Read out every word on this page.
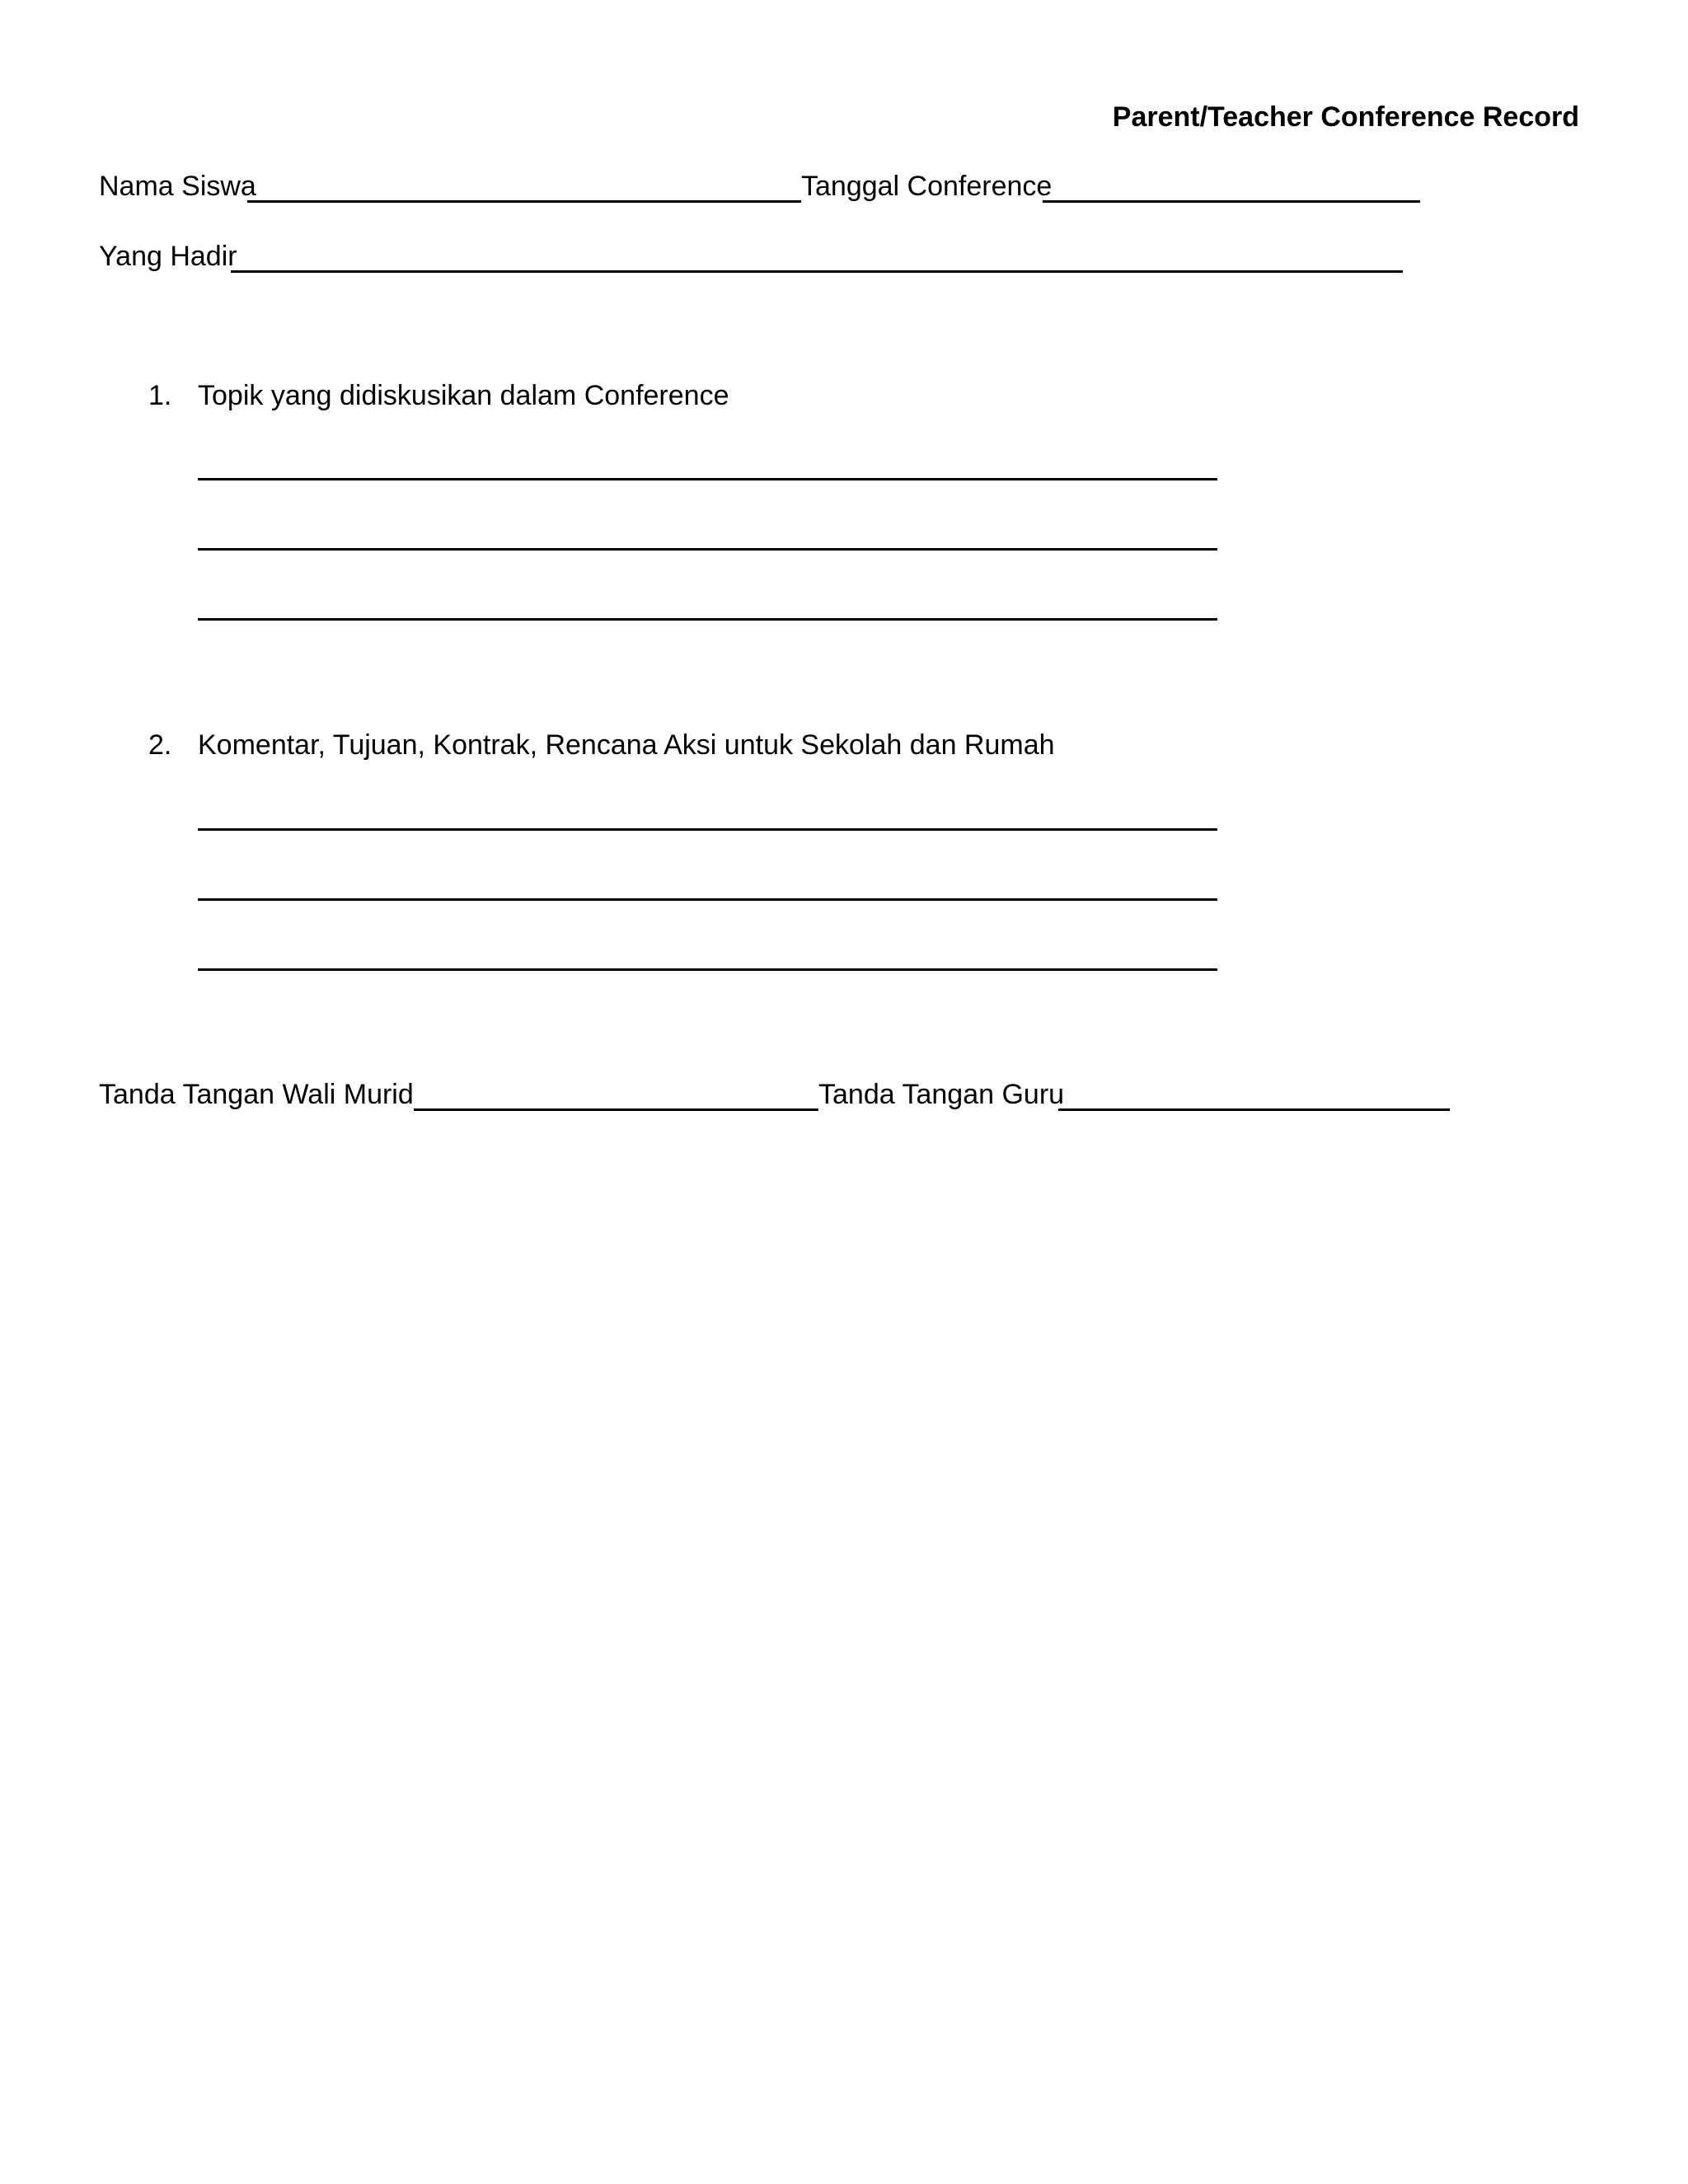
Parent/Teacher Conference Record
Nama Siswa	Tanggal Conference
Yang Hadir
1. Topik yang didiskusikan dalam Conference
2. Komentar, Tujuan, Kontrak, Rencana Aksi untuk Sekolah dan Rumah
Tanda Tangan Wali Murid	Tanda Tangan Guru
